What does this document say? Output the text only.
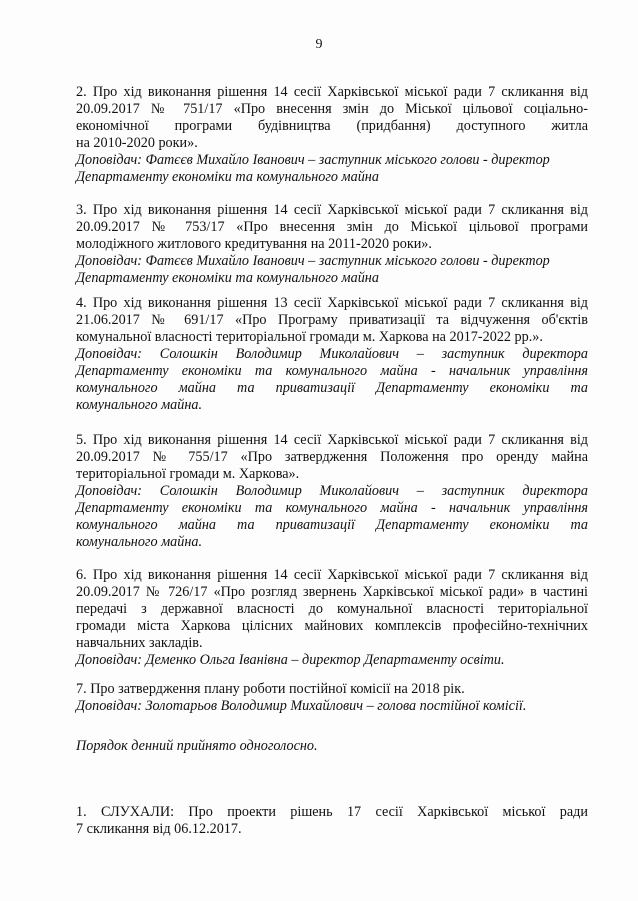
9
2. Про хід виконання рішення 14 сесії Харківської міської ради 7 скликання від
20.09.2017 № 751/17 «Про внесення змін до Міської цільової соціально-
економічної програми будівництва (придбання) доступного житла
на 2010-2020 роки».
Доповідач: Фатєєв Михайло Іванович – заступник міського голови - директор
Департаменту економіки та комунального майна
3. Про хід виконання рішення 14 сесії Харківської міської ради 7 скликання від
20.09.2017 № 753/17 «Про внесення змін до Міської цільової програми
молодіжного житлового кредитування на 2011-2020 роки».
Доповідач: Фатєєв Михайло Іванович – заступник міського голови - директор
Департаменту економіки та комунального майна
4. Про хід виконання рішення 13 сесії Харківської міської ради 7 скликання від
21.06.2017 № 691/17 «Про Програму приватизації та відчуження об'єктів
комунальної власності територіальної громади м. Харкова на 2017-2022 рр.».
Доповідач: Солошкін Володимир Миколайович – заступник директора
Департаменту економіки та комунального майна - начальник управління
комунального майна та приватизації Департаменту економіки та
комунального майна.
5. Про хід виконання рішення 14 сесії Харківської міської ради 7 скликання від
20.09.2017 № 755/17 «Про затвердження Положення про оренду майна
територіальної громади м. Харкова».
Доповідач: Солошкін Володимир Миколайович – заступник директора
Департаменту економіки та комунального майна - начальник управління
комунального майна та приватизації Департаменту економіки та
комунального майна.
6. Про хід виконання рішення 14 сесії Харківської міської ради 7 скликання від
20.09.2017 № 726/17 «Про розгляд звернень Харківської міської ради» в частині
передачі з державної власності до комунальної власності територіальної
громади міста Харкова цілісних майнових комплексів професійно-технічних
навчальних закладів.
Доповідач: Деменко Ольга Іванівна – директор Департаменту освіти.
7. Про затвердження плану роботи постійної комісії на 2018 рік.
Доповідач: Золотарьов Володимир Михайлович – голова постійної комісії.
Порядок денний прийнято одноголосно.
1. СЛУХАЛИ: Про проекти рішень 17 сесії Харківської міської ради
7 скликання від 06.12.2017.
